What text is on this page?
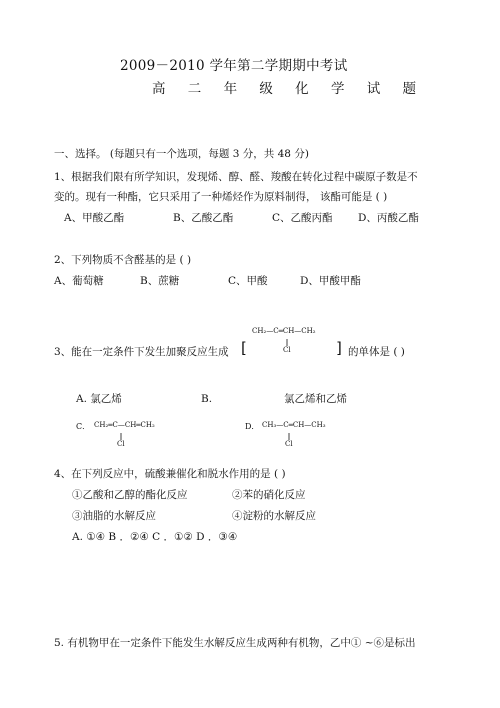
2009－2010 学年第二学期期中考试
高 二 年 级 化 学 试 题
一、选择。 (每题只有一个选项，每题 3 分，共 48 分)
1、根据我们限有所学知识，发现烯、醇、醛、羧酸在转化过程中碳原子数是不
变的。现有一种酯，它只采用了一种烯烃作为原料制得， 该酯可能是 ( )
A、甲酸乙酯	B、乙酸乙酯	C、乙酸丙酯 D、丙酸乙酯
2、下列物质不含醛基的是 ( )
A、葡萄糖	B、蔗糖	C、甲酸	D、甲酸甲酯
CH₂—C═CH—CH₂
Cl
[	]
3、能在一定条件下发生加聚反应生成	的单体是 ( )
A. 氯乙烯	B.	氯乙烯和乙烯
C． CH₂═C—CH═CH₂
Cl
D． CH₃—C═CH—CH₃
Cl
4、在下列反应中，硫酸兼催化和脱水作用的是 ( )
①乙酸和乙醇的酯化反应	②苯的硝化反应
③油脂的水解反应	④淀粉的水解反应
A. ①④ B ．②④ C ．①② D ．③④
5. 有机物甲在一定条件下能发生水解反应生成两种有机物，乙中① ~⑥是标出
